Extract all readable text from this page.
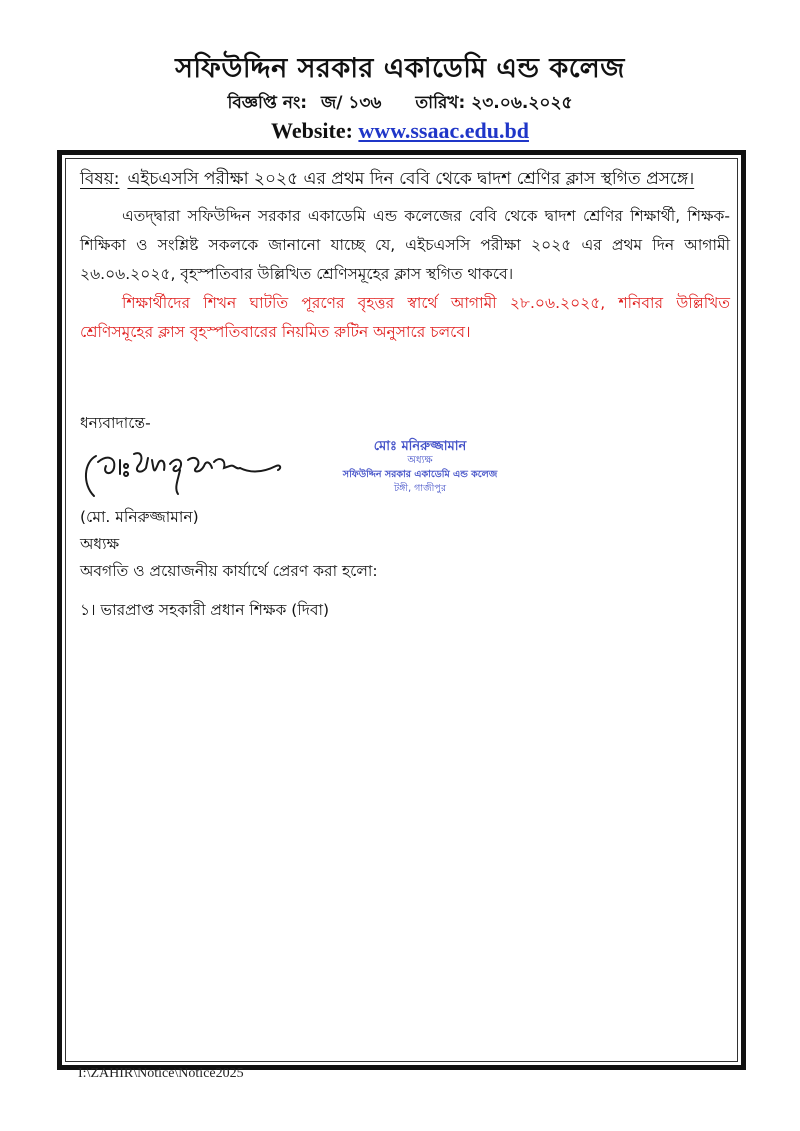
সফিউদ্দিন সরকার একাডেমি এন্ড কলেজ
বিজ্ঞপ্তি নং: জ/ ১৩৬ তারিখ: ২৩.০৬.২০২৫
Website: www.ssaac.edu.bd
বিষয়: এইচএসসি পরীক্ষা ২০২৫ এর প্রথম দিন বেবি থেকে দ্বাদশ শ্রেণির ক্লাস স্থগিত প্রসঙ্গে।
এতদ্দ্বারা সফিউদ্দিন সরকার একাডেমি এন্ড কলেজের বেবি থেকে দ্বাদশ শ্রেণির শিক্ষার্থী, শিক্ষক-শিক্ষিকা ও সংশ্লিষ্ট সকলকে জানানো যাচ্ছে যে, এইচএসসি পরীক্ষা ২০২৫ এর প্রথম দিন আগামী ২৬.০৬.২০২৫, বৃহস্পতিবার উল্লিখিত শ্রেণিসমূহের ক্লাস স্থগিত থাকবে।
শিক্ষার্থীদের শিখন ঘাটতি পূরণের বৃহত্তর স্বার্থে আগামী ২৮.০৬.২০২৫, শনিবার উল্লিখিত শ্রেণিসমূহের ক্লাস বৃহস্পতিবারের নিয়মিত রুটিন অনুসারে চলবে।
ধন্যবাদান্তে-
মোঃ মনিরুজ্জামান
অধ্যক্ষ
সফিউদ্দিন সরকার একাডেমি এন্ড কলেজ
টঙ্গী, গাজীপুর
(মো. মনিরুজ্জামান)
অধ্যক্ষ
অবগতি ও প্রয়োজনীয় কার্যার্থে প্রেরণ করা হলো:
১। ভারপ্রাপ্ত সহকারী প্রধান শিক্ষক (দিবা)
I:\ZAHIR\Notice\Notice2025
